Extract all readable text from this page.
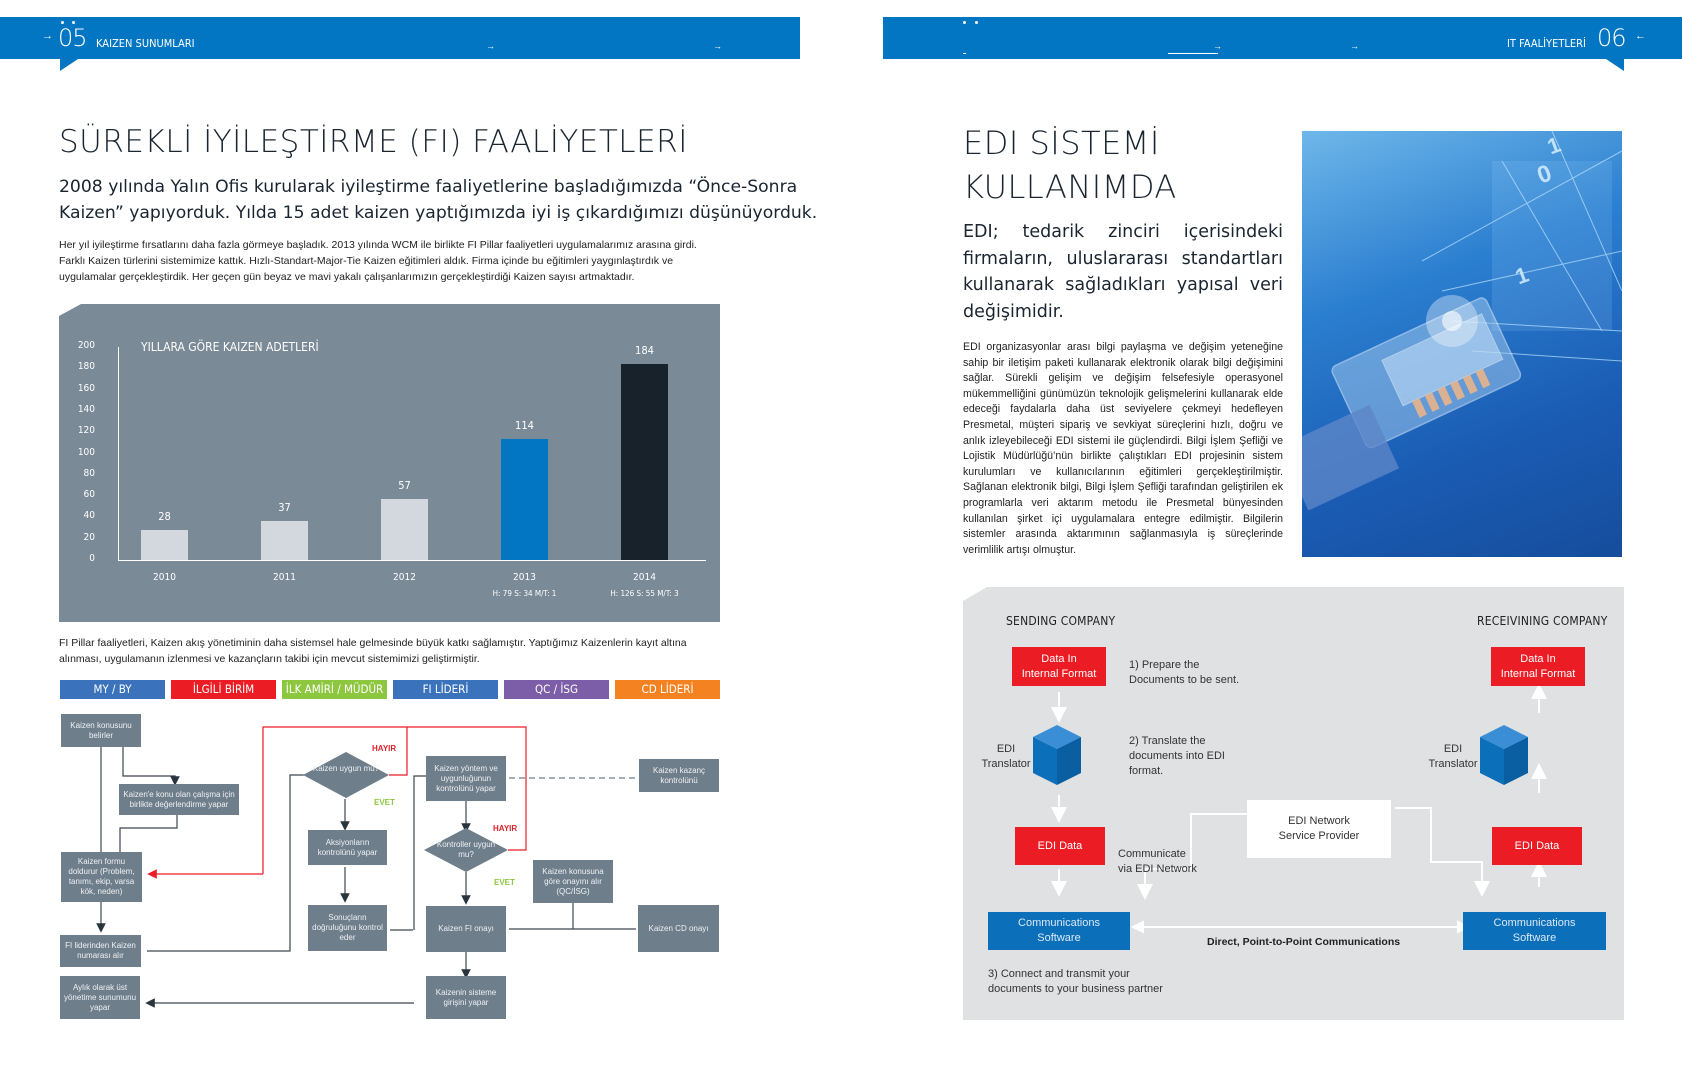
→ 05 KAIZEN SUNUMLARI	→	→	→	→	IT FAALİYETLERİ 06 ←
SÜREKLİ İYİLEŞTİRME (FI) FAALİYETLERİ
2008 yılında Yalın Ofis kurularak iyileştirme faaliyetlerine başladığımızda “Önce-Sonra
Kaizen” yapıyorduk. Yılda 15 adet kaizen yaptığımızda iyi iş çıkardığımızı düşünüyorduk.
Her yıl iyileştirme fırsatlarını daha fazla görmeye başladık. 2013 yılında WCM ile birlikte FI Pillar faaliyetleri uygulamalarımız arasına girdi.
Farklı Kaizen türlerini sistemimize kattık. Hızlı-Standart-Major-Tie Kaizen eğitimleri aldık. Firma içinde bu eğitimleri yaygınlaştırdık ve
uygulamalar gerçekleştirdik. Her geçen gün beyaz ve mavi yakalı çalışanlarımızın gerçekleştirdiği Kaizen sayısı artmaktadır.
YILLARA GÖRE KAIZEN ADETLERİ
200
180
160
140
120
100
80
60
40
20
0
28
2010
37
2011
57
2012
114
2013
H: 79 S: 34 M/T: 1
184
2014
H: 126 S: 55 M/T: 3
FI Pillar faaliyetleri, Kaizen akış yönetiminin daha sistemsel hale gelmesinde büyük katkı sağlamıştır. Yaptığımız Kaizenlerin kayıt altına
alınması, uygulamanın izlenmesi ve kazançların takibi için mevcut sistemimizi geliştirmiştir.
MY / BY	İLGİLİ BİRİM	İLK AMİRİ / MÜDÜR	FI LİDERİ	QC / İSG	CD LİDERİ
Kaizen konusunu belirler
Kaizen'e konu olan çalışma için birlikte değerlendirme yapar
Kaizen formu doldurur (Problem, tanımı, ekip, varsa kök, neden)
FI liderinden Kaizen numarası alır
Aylık olarak üst yönetime sunumunu yapar
Kaizen uygun mu?
Aksiyonların kontrolünü yapar
Sonuçların doğruluğunu kontrol eder
Kaizen yöntem ve uygunluğunun kontrolünü yapar
Kontroller uygun mu?
Kaizen FI onayı
Kaizenin sisteme girişini yapar
Kaizen kazanç kontrolünü
Kaizen konusuna göre onayını alır (QC/İSG)
Kaizen CD onayı
HAYIR
EVET
HAYIR
EVET
EDI SİSTEMİ
KULLANIMDA
EDI; tedarik zinciri içerisindeki
firmaların, uluslararası standartları
kullanarak sağladıkları yapısal veri
değişimidir.
EDI organizasyonlar arası bilgi paylaşma ve değişim yeteneğine sahip bir iletişim paketi kullanarak elektronik olarak bilgi değişimini sağlar. Sürekli gelişim ve değişim felsefesiyle operasyonel mükemmelliğini günümüzün teknolojik gelişmelerini kullanarak elde edeceği faydalarla daha üst seviyelere çekmeyi hedefleyen Presmetal, müşteri sipariş ve sevkiyat süreçlerini hızlı, doğru ve anlık izleyebileceği EDI sistemi ile güçlendirdi. Bilgi İşlem Şefliği ve Lojistik Müdürlüğü’nün birlikte çalıştıkları EDI projesinin sistem kurulumları ve kullanıcılarının eğitimleri gerçekleştirilmiştir. Sağlanan elektronik bilgi, Bilgi İşlem Şefliği tarafından geliştirilen ek programlarla veri aktarım metodu ile Presmetal bünyesinden kullanılan şirket içi uygulamalara entegre edilmiştir. Bilgilerin sistemler arasında aktarımının sağlanmasıyla iş süreçlerinde verimlilik artışı olmuştur.
1
0
1
SENDING COMPANY	RECEIVINING COMPANY
Data In
Internal Format
Data In
Internal Format
1) Prepare the
Documents to be sent.
2) Translate the
documents into EDI
format.
EDI
Translator
EDI
Translator
EDI Data	EDI Data
EDI Network
Service Provider
Communicate
via EDI Network
Communications
Software
Communications
Software
Direct, Point-to-Point Communications
3) Connect and transmit your
documents to your business partner
